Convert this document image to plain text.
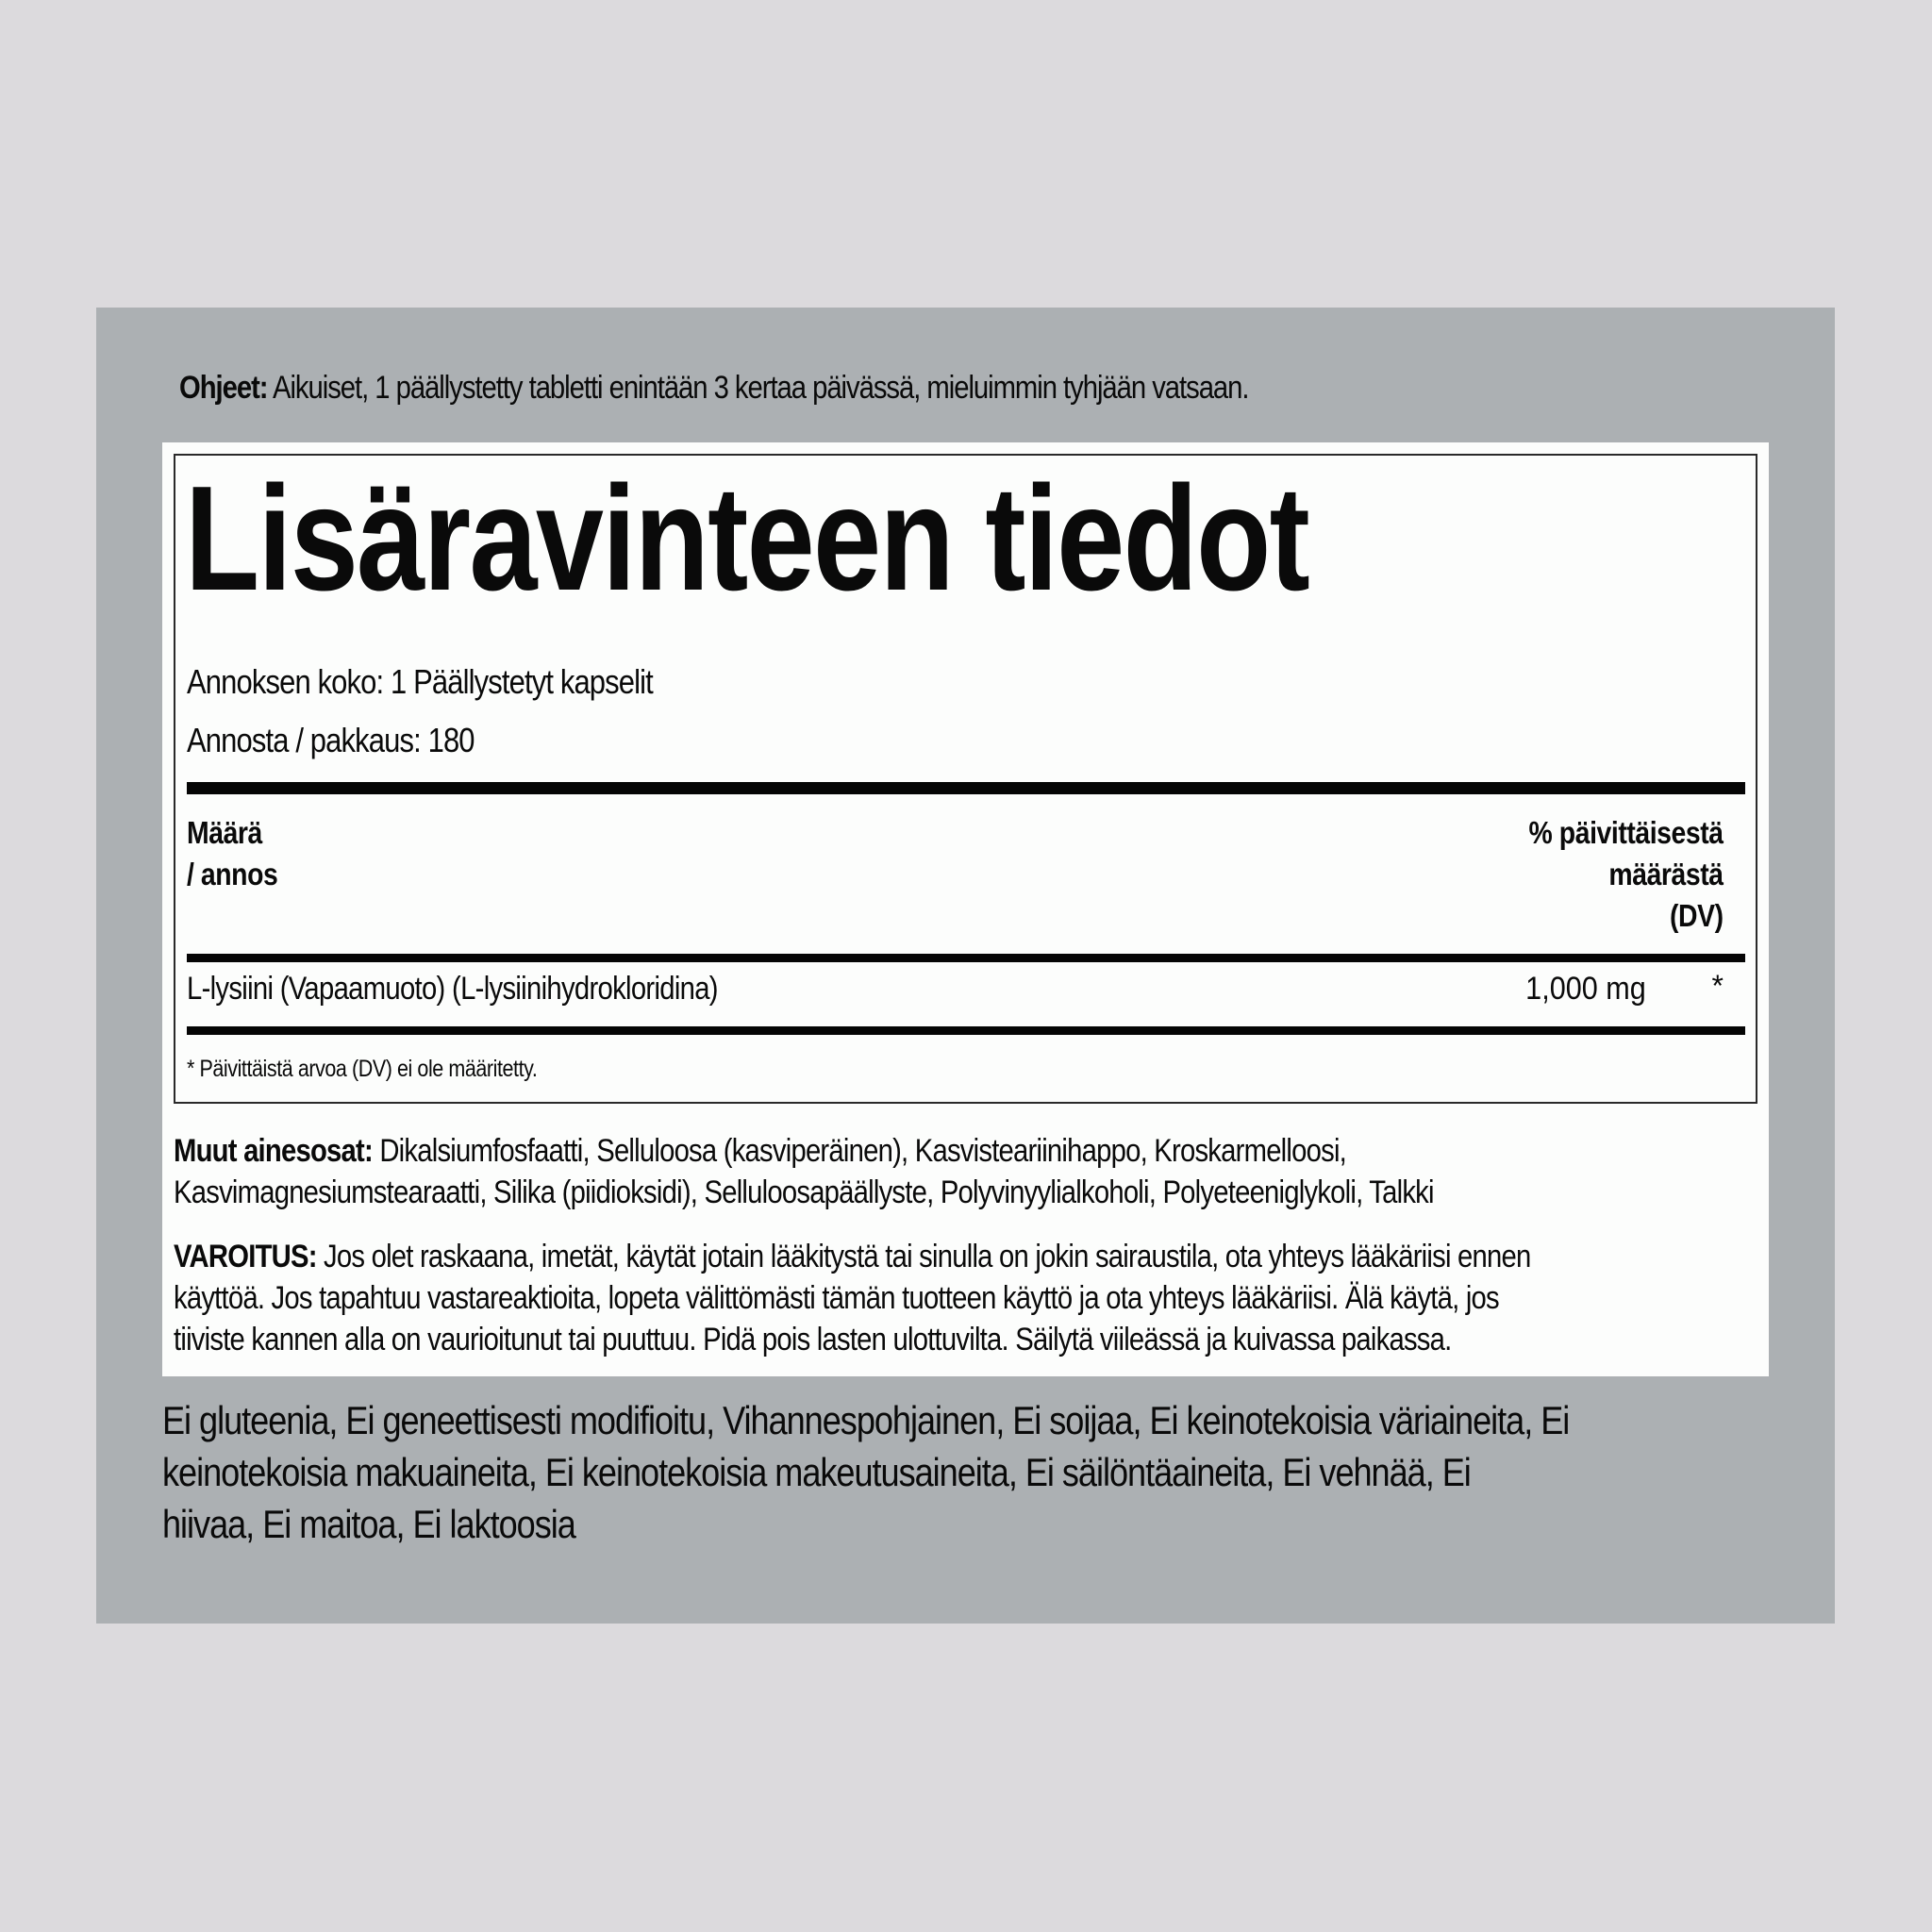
Ohjeet: Aikuiset, 1 päällystetty tabletti enintään 3 kertaa päivässä, mieluimmin tyhjään vatsaan.
Lisäravinteen tiedot
Annoksen koko: 1 Päällystetyt kapselit
Annosta / pakkaus: 180
Määrä
/ annos
% päivittäisestä
määrästä
(DV)
L-lysiini (Vapaamuoto) (L-lysiinihydrokloridina)	1,000 mg *
* Päivittäistä arvoa (DV) ei ole määritetty.
Muut ainesosat: Dikalsiumfosfaatti, Selluloosa (kasviperäinen), Kasvisteariinihappo, Kroskarmelloosi,
Kasvimagnesiumstearaatti, Silika (piidioksidi), Selluloosapäällyste, Polyvinyylialkoholi, Polyeteeniglykoli, Talkki
VAROITUS: Jos olet raskaana, imetät, käytät jotain lääkitystä tai sinulla on jokin sairaustila, ota yhteys lääkäriisi ennen
käyttöä. Jos tapahtuu vastareaktioita, lopeta välittömästi tämän tuotteen käyttö ja ota yhteys lääkäriisi. Älä käytä, jos
tiiviste kannen alla on vaurioitunut tai puuttuu. Pidä pois lasten ulottuvilta. Säilytä viileässä ja kuivassa paikassa.
Ei gluteenia, Ei geneettisesti modifioitu, Vihannespohjainen, Ei soijaa, Ei keinotekoisia väriaineita, Ei
keinotekoisia makuaineita, Ei keinotekoisia makeutusaineita, Ei säilöntäaineita, Ei vehnää, Ei
hiivaa, Ei maitoa, Ei laktoosia
